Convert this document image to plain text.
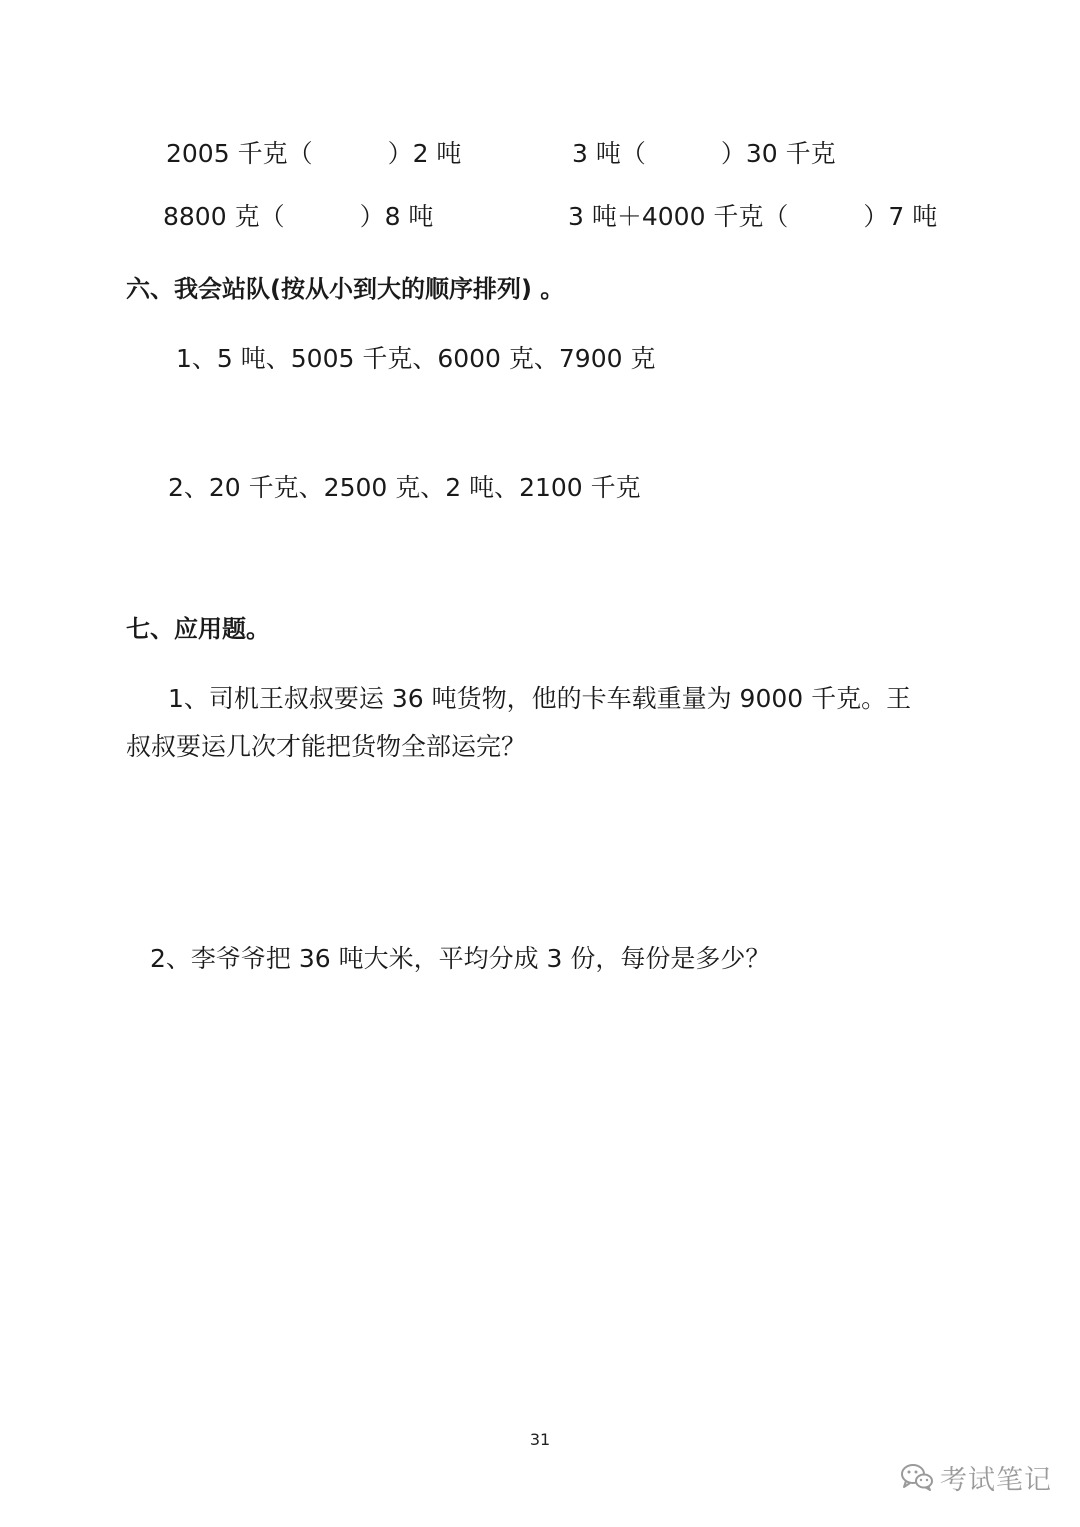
2005 千克（　　　）2 吨	3 吨（　　　）30 千克
8800 克（　　　）8 吨	3 吨＋4000 千克（　　　）7 吨
六、我会站队(按从小到大的顺序排列) 。
1、5 吨、5005 千克、6000 克、7900 克
2、20 千克、2500 克、2 吨、2100 千克
七、应用题。
1、司机王叔叔要运 36 吨货物，他的卡车载重量为 9000 千克。王
叔叔要运几次才能把货物全部运完？
2、李爷爷把 36 吨大米，平均分成 3 份，每份是多少？
31
考试笔记
